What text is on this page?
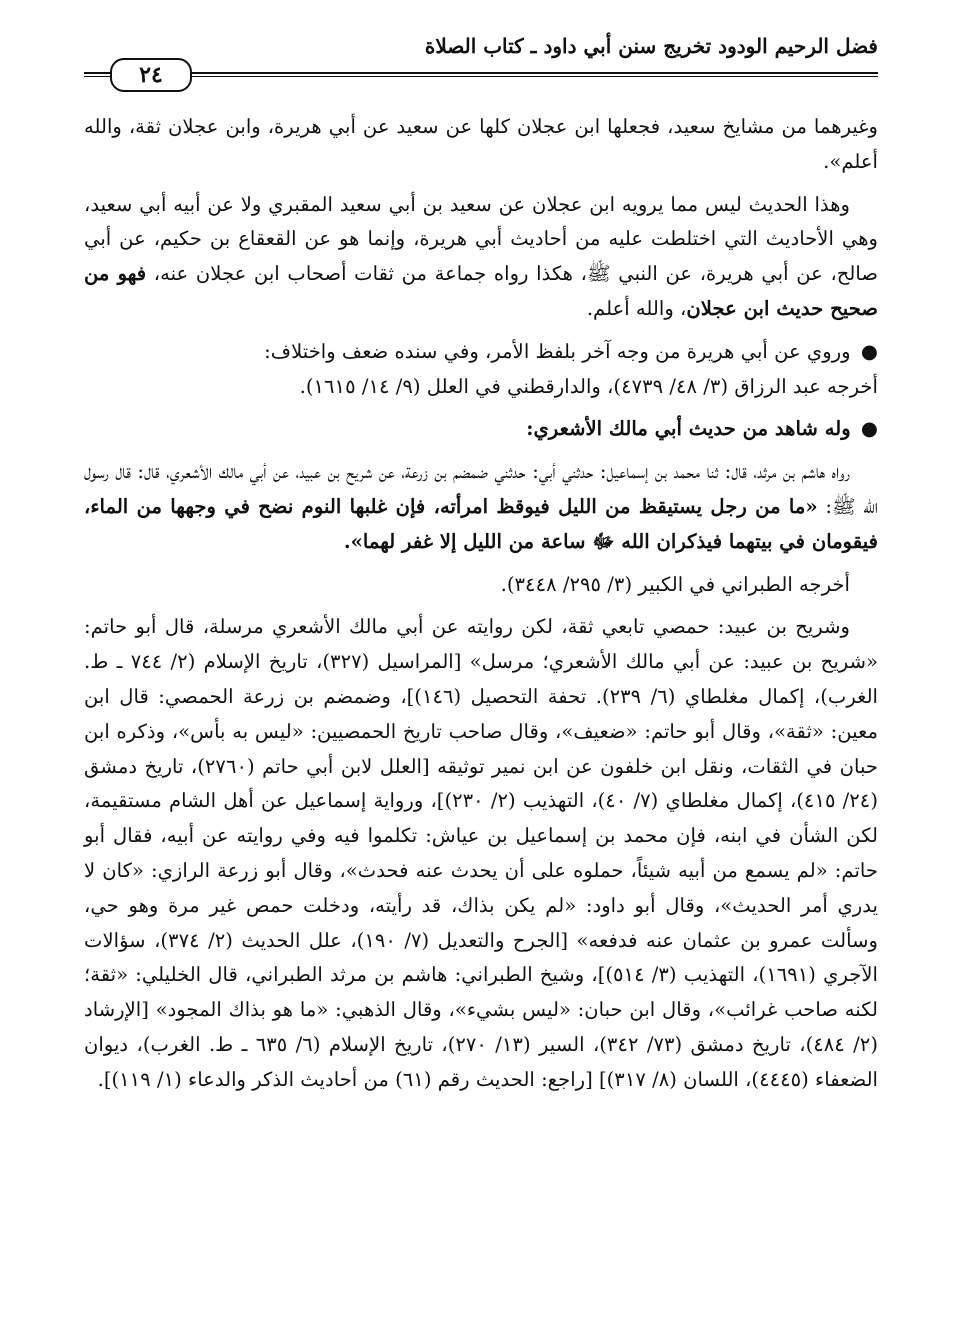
فضل الرحيم الودود تخريج سنن أبي داود ـ كتاب الصلاة
٢٤

وغيرهما من مشايخ سعيد، فجعلها ابن عجلان كلها عن سعيد عن أبي هريرة، وابن عجلان ثقة، والله أعلم».

وهذا الحديث ليس مما يرويه ابن عجلان عن سعيد بن أبي سعيد المقبري ولا عن أبيه أبي سعيد، وهي الأحاديث التي اختلطت عليه من أحاديث أبي هريرة، وإنما هو عن القعقاع بن حكيم، عن أبي صالح، عن أبي هريرة، عن النبي ﷺ، هكذا رواه جماعة من ثقات أصحاب ابن عجلان عنه، فهو من صحيح حديث ابن عجلان، والله أعلم.

● وروي عن أبي هريرة من وجه آخر بلفظ الأمر، وفي سنده ضعف واختلاف:
أخرجه عبد الرزاق (٣/ ٤٨/ ٤٧٣٩)، والدارقطني في العلل (٩/ ١٤/ ١٦١٥).

● وله شاهد من حديث أبي مالك الأشعري:

رواه هاشم بن مرثد، قال: ثنا محمد بن إسماعيل: حدثني أبي: حدثني ضمضم بن زرعة، عن شريح بن عبيد، عن أبي مالك الأشعري، قال: قال رسول الله ﷺ: «ما من رجل يستيقظ من الليل فيوقظ امرأته، فإن غلبها النوم نضح في وجهها من الماء، فيقومان في بيتهما فيذكران الله ﷻ ساعة من الليل إلا غفر لهما».

أخرجه الطبراني في الكبير (٣/ ٢٩٥/ ٣٤٤٨).

وشريح بن عبيد: حمصي تابعي ثقة، لكن روايته عن أبي مالك الأشعري مرسلة، قال أبو حاتم: «شريح بن عبيد: عن أبي مالك الأشعري؛ مرسل» [المراسيل (٣٢٧)، تاريخ الإسلام (٢/ ٧٤٤ ـ ط. الغرب)، إكمال مغلطاي (٦/ ٢٣٩). تحفة التحصيل (١٤٦)]، وضمضم بن زرعة الحمصي: قال ابن معين: «ثقة»، وقال أبو حاتم: «ضعيف»، وقال صاحب تاريخ الحمصيين: «ليس به بأس»، وذكره ابن حبان في الثقات، ونقل ابن خلفون عن ابن نمير توثيقه [العلل لابن أبي حاتم (٢٧٦٠)، تاريخ دمشق (٢٤/ ٤١٥)، إكمال مغلطاي (٧/ ٤٠)، التهذيب (٢/ ٢٣٠)]، ورواية إسماعيل عن أهل الشام مستقيمة، لكن الشأن في ابنه، فإن محمد بن إسماعيل بن عياش: تكلموا فيه وفي روايته عن أبيه، فقال أبو حاتم: «لم يسمع من أبيه شيئاً، حملوه على أن يحدث عنه فحدث»، وقال أبو زرعة الرازي: «كان لا يدري أمر الحديث»، وقال أبو داود: «لم يكن بذاك، قد رأيته، ودخلت حمص غير مرة وهو حي، وسألت عمرو بن عثمان عنه فدفعه» [الجرح والتعديل (٧/ ١٩٠)، علل الحديث (٢/ ٣٧٤)، سؤالات الآجري (١٦٩١)، التهذيب (٣/ ٥١٤)]، وشيخ الطبراني: هاشم بن مرثد الطبراني، قال الخليلي: «ثقة؛ لكنه صاحب غرائب»، وقال ابن حبان: «ليس بشيء»، وقال الذهبي: «ما هو بذاك المجود» [الإرشاد (٢/ ٤٨٤)، تاريخ دمشق (٧٣/ ٣٤٢)، السير (١٣/ ٢٧٠)، تاريخ الإسلام (٦/ ٦٣٥ ـ ط. الغرب)، ديوان الضعفاء (٤٤٤٥)، اللسان (٨/ ٣١٧)] [راجع: الحديث رقم (٦١) من أحاديث الذكر والدعاء (١/ ١١٩)].
